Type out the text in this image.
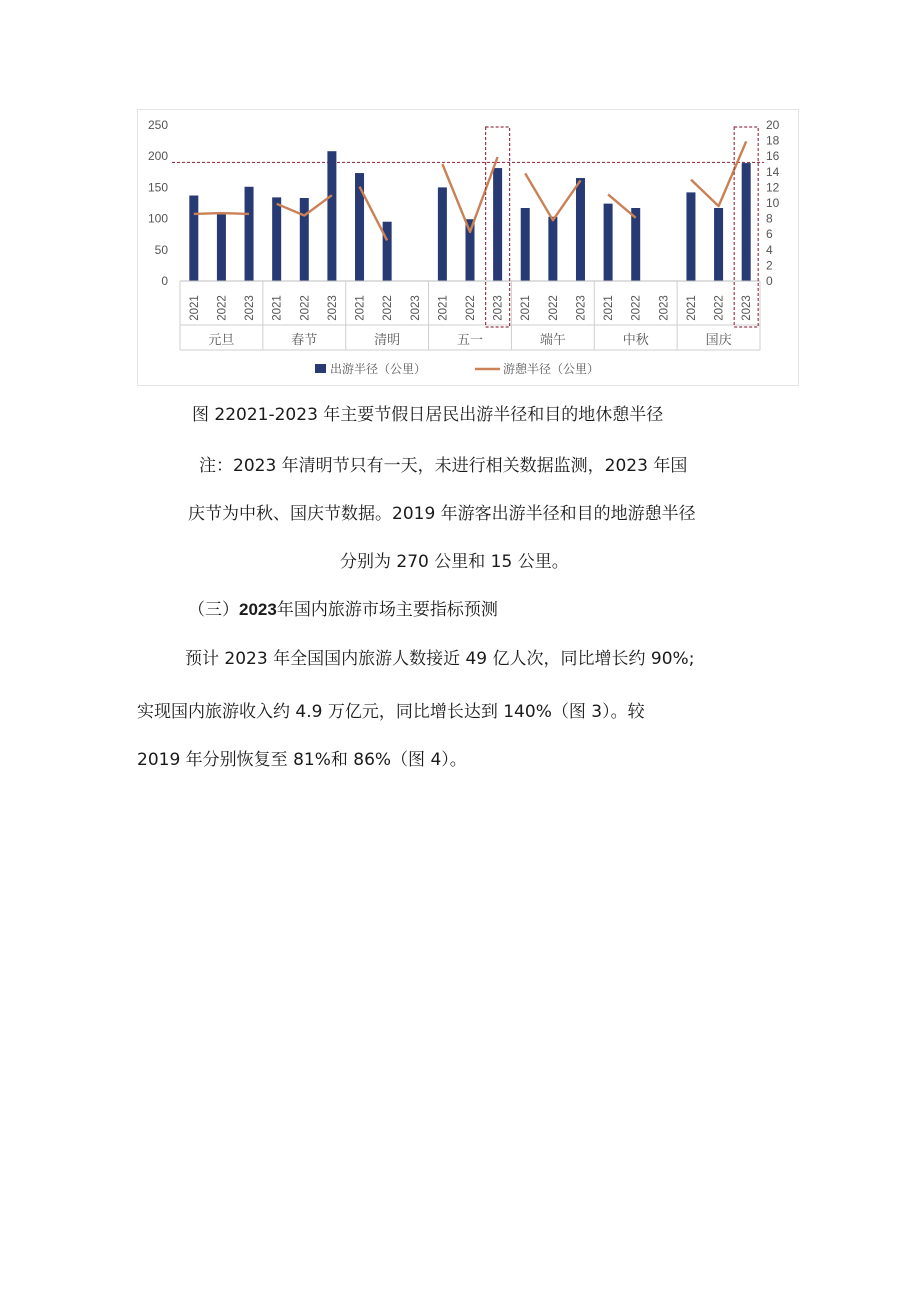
0
50
100
150
200
250
0
2
4
6
8
10
12
14
16
18
20
2021 2022 2023
元旦
2021 2022 2023
春节
2021 2022 2023
清明
2021 2022 2023
五一
2021 2022 2023
端午
2021 2022 2023
中秋
2021 2022 2023
国庆
出游半径（公里）	游憩半径（公里）
图 22021-2023 年主要节假日居民出游半径和目的地休憩半径
注：2023 年清明节只有一天，未进行相关数据监测，2023 年国
庆节为中秋、国庆节数据。2019 年游客出游半径和目的地游憩半径
分别为 270 公里和 15 公里。
（三）2023年国内旅游市场主要指标预测
预计 2023 年全国国内旅游人数接近 49 亿人次，同比增长约 90%;
实现国内旅游收入约 4.9 万亿元，同比增长达到 140%（图 3）。较
2019 年分别恢复至 81%和 86%（图 4）。
